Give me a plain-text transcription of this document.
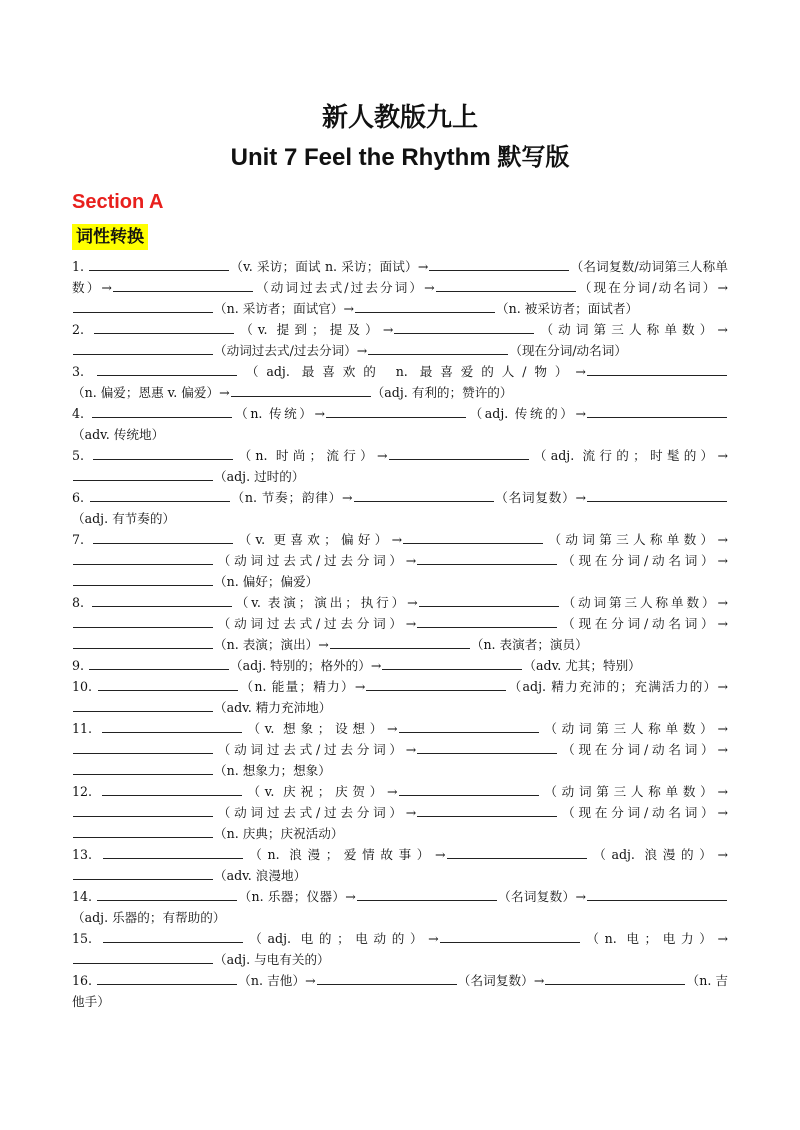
新人教版九上
Unit 7 Feel the Rhythm 默写版
Section A
词性转换

1.	（v. 采访；面试 n. 采访；面试）→	（名词复数/动词第三人称单数）→	（动词过去式/过去分词）→	（现在分词/动名词）→（n. 采访者；面试官）→	（n. 被采访者；面试者）

2.	（v. 提到；提及）→	（动词第三人称单数）→（动词过去式/过去分词）→	（现在分词/动名词）

3.	（adj. 最喜欢的 n. 最喜爱的人/物）→（n. 偏爱；恩惠 v. 偏爱）→	（adj. 有利的；赞许的）

4.	（n. 传统）→	（adj. 传统的）→（adv. 传统地）

5.	（n. 时尚；流行）→	（adj. 流行的；时髦的）→（adj. 过时的）

6.	（n. 节奏；韵律）→	（名词复数）→（adj. 有节奏的）

7.	（v. 更喜欢；偏好）→	（动词第三人称单数）→（动词过去式/过去分词）→	（现在分词/动名词）→（n. 偏好；偏爱）

8.	（v. 表演；演出；执行）→	（动词第三人称单数）→（动词过去式/过去分词）→	（现在分词/动名词）→（n. 表演；演出）→	（n. 表演者；演员）

9.	（adj. 特别的；格外的）→	（adv. 尤其；特别）

10.	（n. 能量；精力）→	（adj. 精力充沛的；充满活力的）→（adv. 精力充沛地）

11.	（v. 想象；设想）→	（动词第三人称单数）→（动词过去式/过去分词）→	（现在分词/动名词）→（n. 想象力；想象）

12.	（v. 庆祝；庆贺）→	（动词第三人称单数）→（动词过去式/过去分词）→	（现在分词/动名词）→（n. 庆典；庆祝活动）

13.	（n. 浪漫；爱情故事）→	（adj. 浪漫的）→（adv. 浪漫地）

14.	（n. 乐器；仪器）→	（名词复数）→（adj. 乐器的；有帮助的）

15.	（adj. 电的；电动的）→	（n. 电；电力）→（adj. 与电有关的）

16.	（n. 吉他）→	（名词复数）→	（n. 吉他手）
